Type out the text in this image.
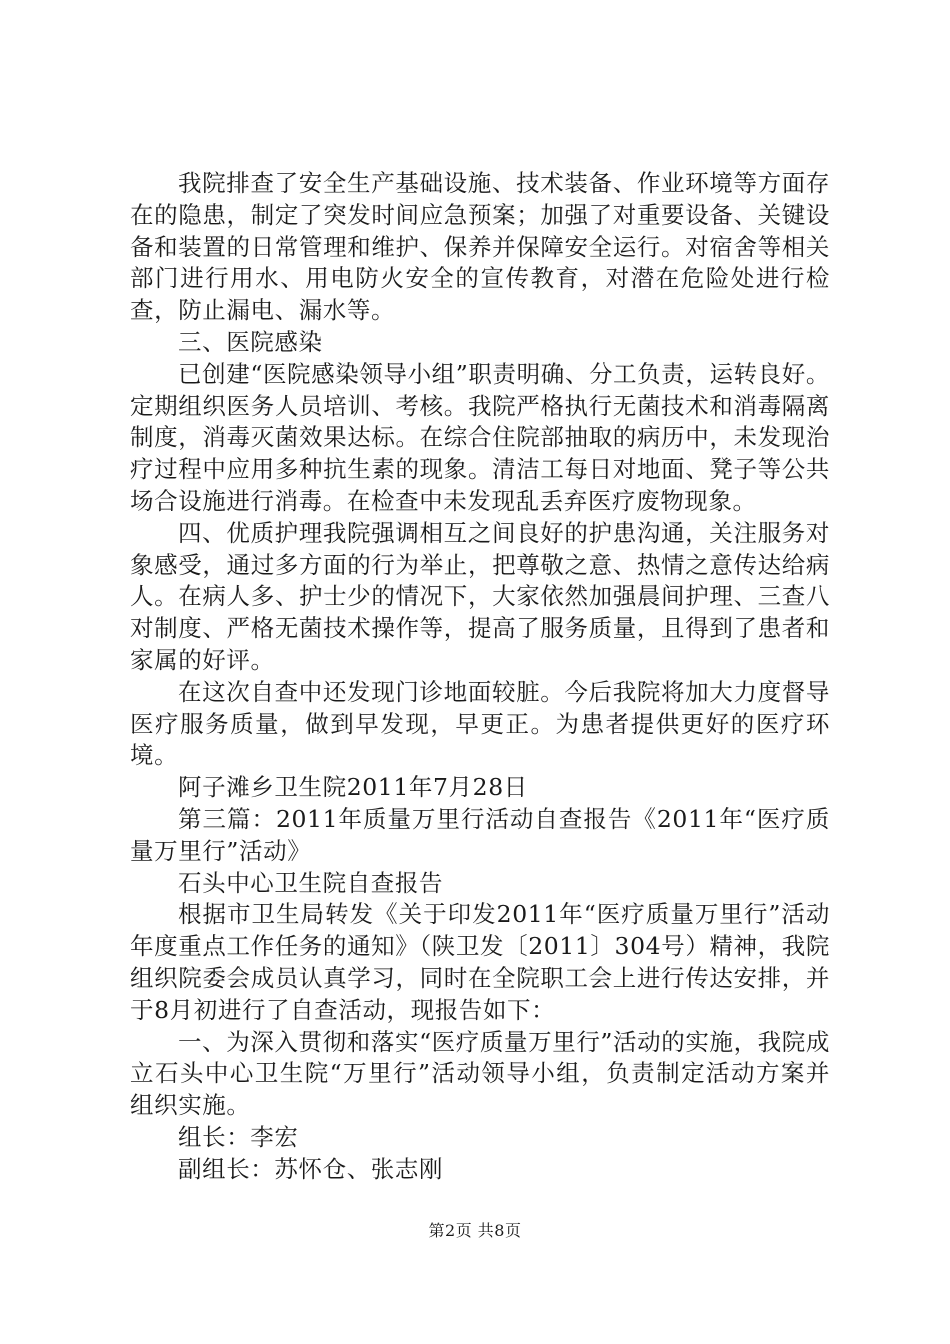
我院排查了安全生产基础设施、技术装备、作业环境等方面存在的隐患，制定了突发时间应急预案；加强了对重要设备、关键设备和装置的日常管理和维护、保养并保障安全运行。对宿舍等相关部门进行用水、用电防火安全的宣传教育，对潜在危险处进行检查，防止漏电、漏水等。

三、医院感染

已创建“医院感染领导小组”职责明确、分工负责，运转良好。定期组织医务人员培训、考核。我院严格执行无菌技术和消毒隔离制度，消毒灭菌效果达标。在综合住院部抽取的病历中，未发现治疗过程中应用多种抗生素的现象。清洁工每日对地面、凳子等公共场合设施进行消毒。在检查中未发现乱丢弃医疗废物现象。

四、优质护理我院强调相互之间良好的护患沟通，关注服务对象感受，通过多方面的行为举止，把尊敬之意、热情之意传达给病人。在病人多、护士少的情况下，大家依然加强晨间护理、三查八对制度、严格无菌技术操作等，提高了服务质量，且得到了患者和家属的好评。

在这次自查中还发现门诊地面较脏。今后我院将加大力度督导医疗服务质量，做到早发现，早更正。为患者提供更好的医疗环境。

阿子滩乡卫生院2011年7月28日

第三篇：2011年质量万里行活动自查报告《2011年“医疗质量万里行”活动》

石头中心卫生院自查报告

根据市卫生局转发《关于印发2011年“医疗质量万里行”活动年度重点工作任务的通知》（陕卫发〔2011〕304号）精神，我院组织院委会成员认真学习，同时在全院职工会上进行传达安排，并于8月初进行了自查活动，现报告如下：

一、为深入贯彻和落实“医疗质量万里行”活动的实施，我院成立石头中心卫生院“万里行”活动领导小组，负责制定活动方案并组织实施。

组长：李宏

副组长：苏怀仓、张志刚

第2页 共8页
